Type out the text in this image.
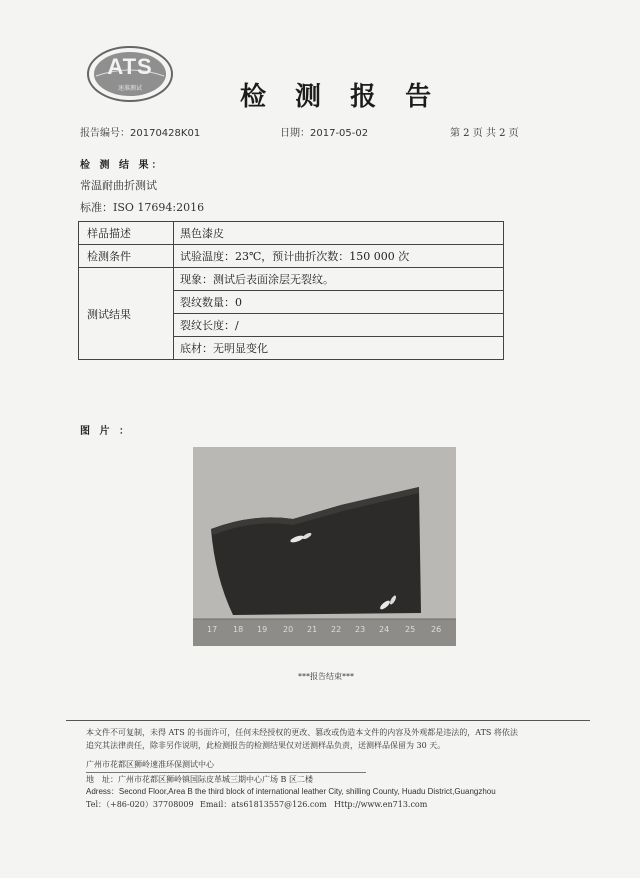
ATS
速准测试	检 测 报 告
报告编号：20170428K01	日期：2017-05-02	第 2 页 共 2 页
检 测 结 果：
常温耐曲折测试
标准：ISO 17694:2016
样品描述	黑色漆皮
检测条件	试验温度：23℃，预计曲折次数：150 000 次
测试结果	现象：测试后表面涂层无裂纹。
	裂纹数量：0
	裂纹长度：/
	底材：无明显变化
图 片 ：
17 18 19 20 21 22 23 24 25 26
***报告结束***
本文件不可复制，未得 ATS 的书面许可，任何未经授权的更改、篡改或伪造本文件的内容及外观都是违法的，ATS 将依法
追究其法律责任，除非另作说明，此检测报告的检测结果仅对送测样品负责，送测样品保留为 30 天。
广州市花都区狮岭速准环保测试中心
地　址：广州市花都区狮岭镇国际皮革城三期中心广场 B 区二楼
Adress：Second Floor,Area B the third block of international leather City, shilling County, Huadu District,Guangzhou
Tel：（+86-020）37708009 Email：ats61813557@126.com Http://www.en713.com
